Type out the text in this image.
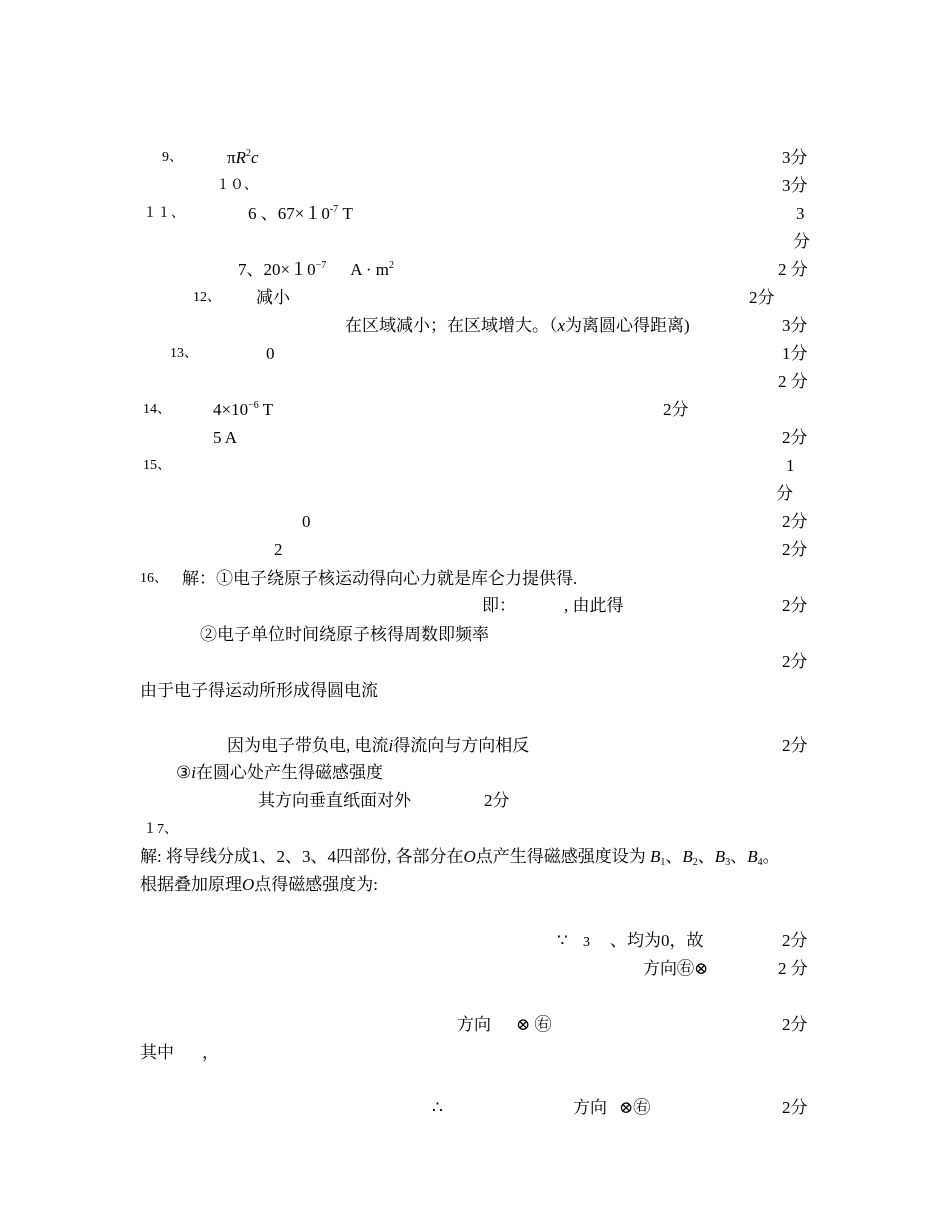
9、	$\pi R^2c$	3分
１０、	3分
１１、	6 、$67\times 10^{-7}$ T	3
分
7、$20\times 10^{-7}$ $A \cdot m^2$	2 分
12、 减小	2分
在区域减小；在区域增大。（x为离圆心得距离)	3分
13、	0	1分
2 分
14、 $4\times 10^{-6}$ T	2分
5 A	2分
15、	1
分
0	2分
2	2分
16、 解：①电子绕原子核运动得向心力就是库仑力提供得.
即：	, 由此得	2分
②电子单位时间绕原子核得周数即频率
2分
由于电子得运动所形成得圆电流
因为电子带负电, 电流i得流向与方向相反	2分
③i在圆心处产生得磁感强度
其方向垂直纸面对外	2分
１7、
解: 将导线分成1、2、3、4四部份, 各部分在O点产生得磁感强度设为 $B_1$、$B_2$、$B_3$、$B_4$。
根据叠加原理O点得磁感强度为:
∵ 3 、均为0，故	2分
方向㊨⊗	2 分
方向 ⊗ ㊨	2分
其中 ，
∴	方向 ⊗㊨	2分
